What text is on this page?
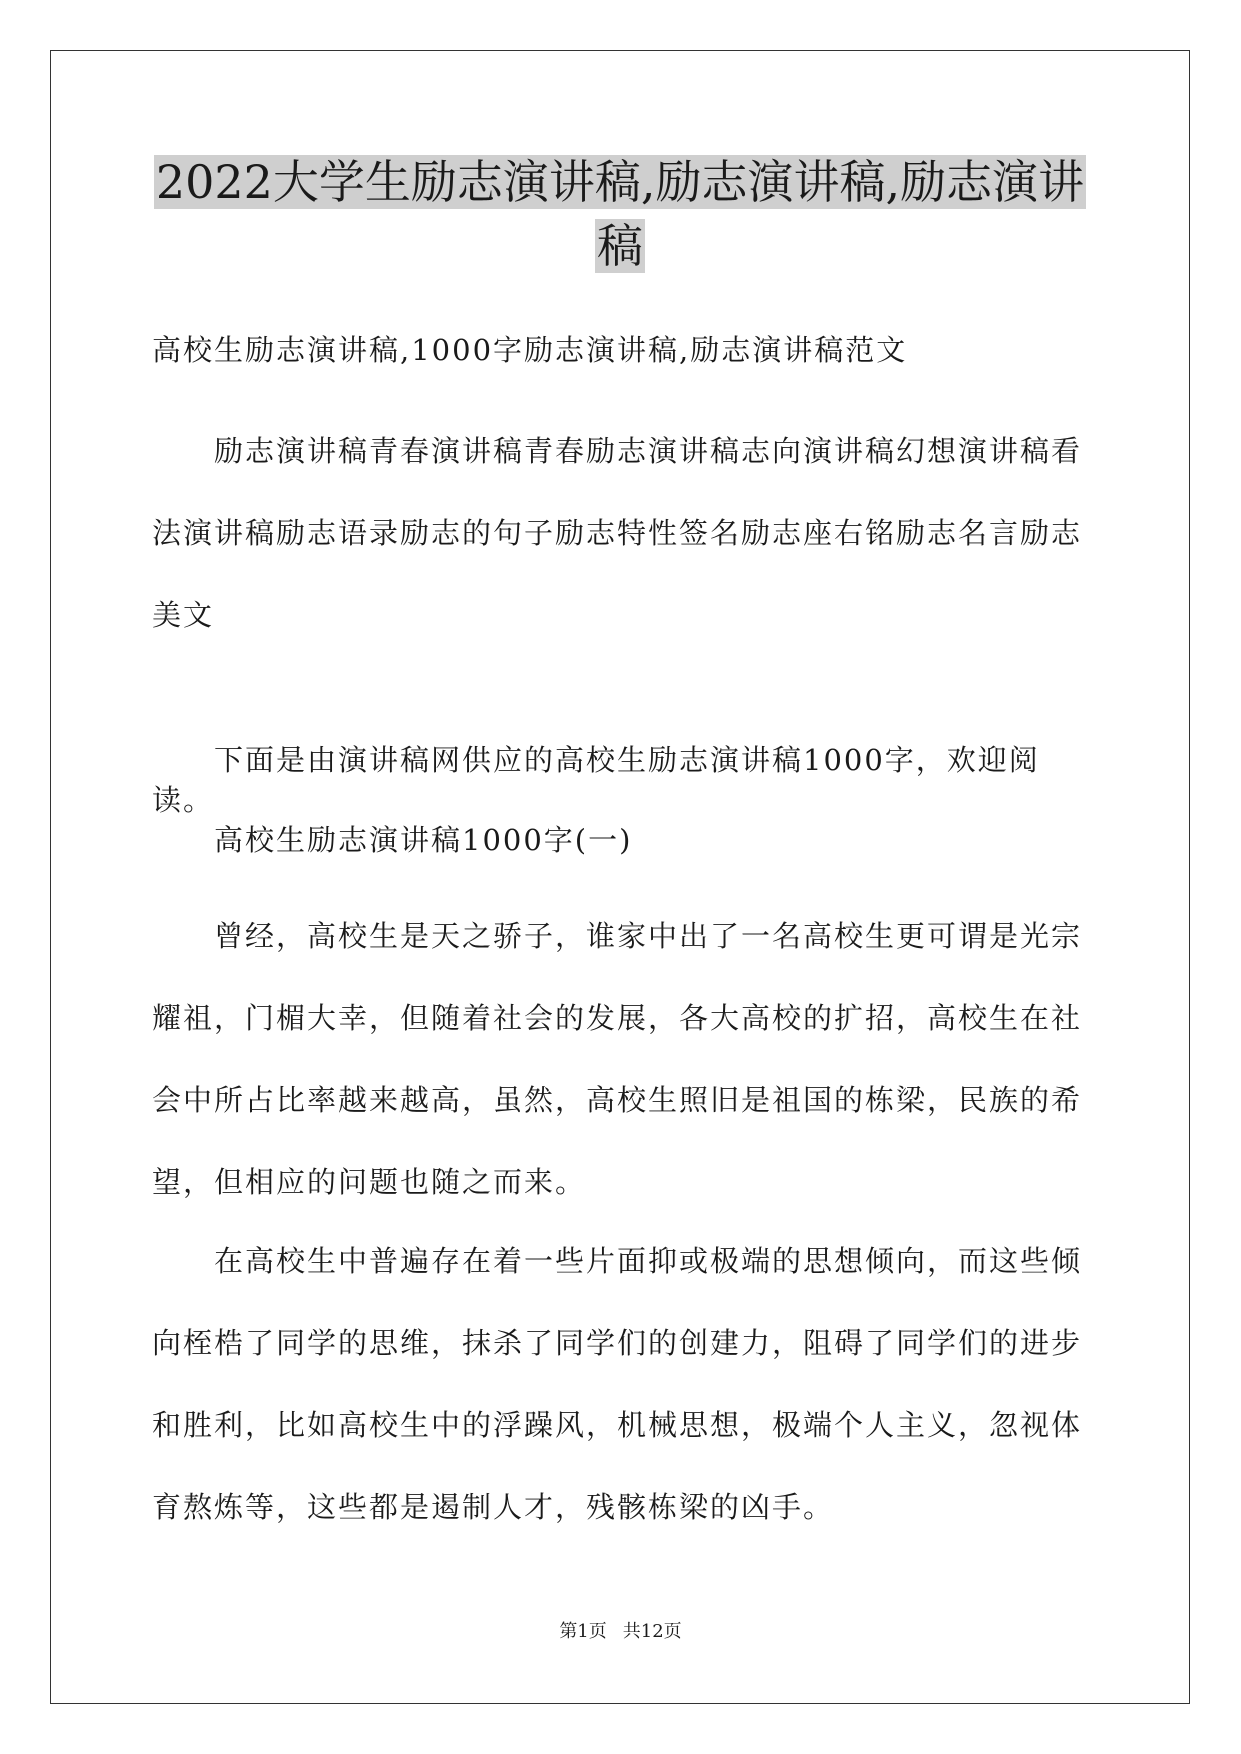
2022大学生励志演讲稿,励志演讲稿,励志演讲
稿

高校生励志演讲稿,1000字励志演讲稿,励志演讲稿范文

励志演讲稿青春演讲稿青春励志演讲稿志向演讲稿幻想演讲稿看法演讲稿励志语录励志的句子励志特性签名励志座右铭励志名言励志美文

下面是由演讲稿网供应的高校生励志演讲稿1000字，欢迎阅读。

高校生励志演讲稿1000字(一)

曾经，高校生是天之骄子，谁家中出了一名高校生更可谓是光宗耀祖，门楣大幸，但随着社会的发展，各大高校的扩招，高校生在社会中所占比率越来越高，虽然，高校生照旧是祖国的栋梁，民族的希望，但相应的问题也随之而来。

在高校生中普遍存在着一些片面抑或极端的思想倾向，而这些倾向桎梏了同学的思维，抹杀了同学们的创建力，阻碍了同学们的进步和胜利，比如高校生中的浮躁风，机械思想，极端个人主义，忽视体育熬炼等，这些都是遏制人才，残骸栋梁的凶手。

第1页 共12页
